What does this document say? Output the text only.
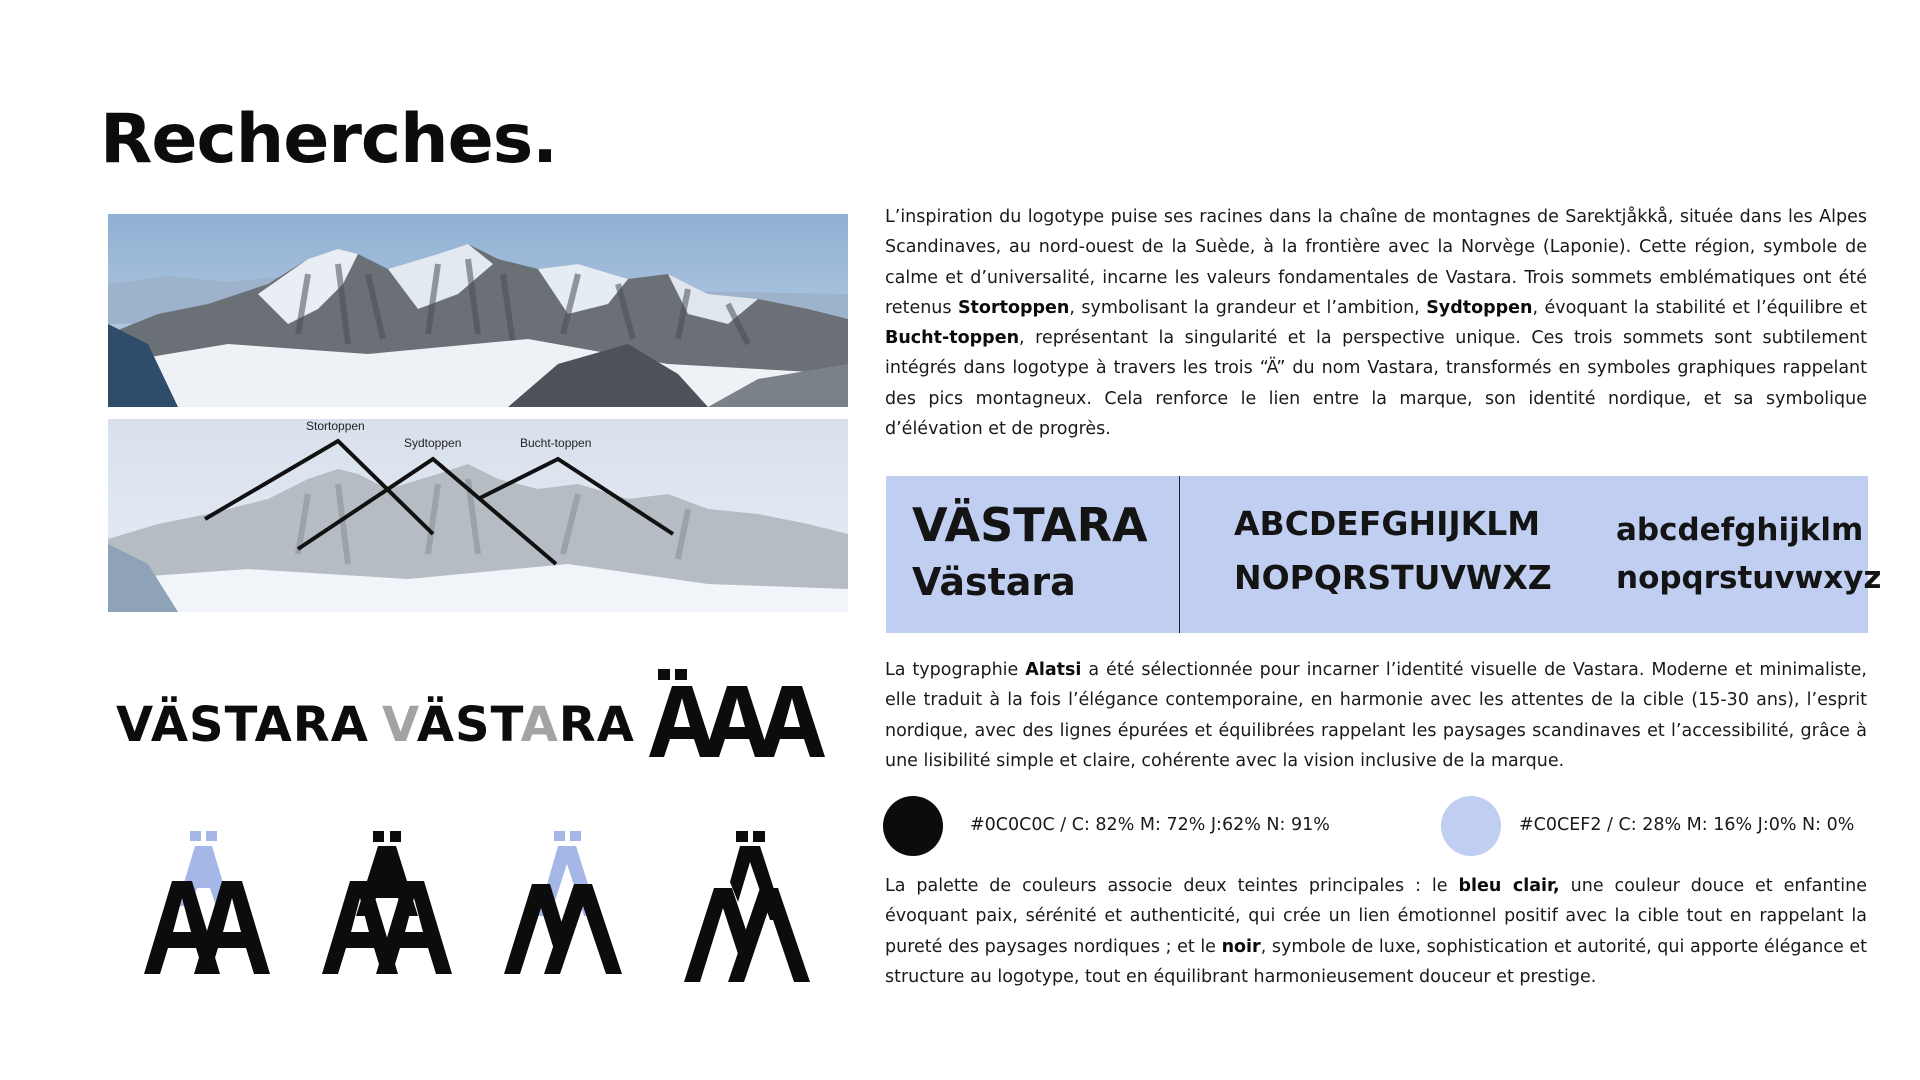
Recherches.
Stortoppen
Sydtoppen	Bucht-toppen
VÄSTARA VÄSTARA

L’inspiration du logotype puise ses racines dans la chaîne de montagnes de Sarektjåkkå, située dans les Alpes Scandinaves, au nord-ouest de la Suède, à la frontière avec la Norvège (Laponie). Cette région, symbole de calme et d’universalité, incarne les valeurs fondamentales de Vastara. Trois sommets emblématiques ont été retenus Stortoppen, symbolisant la grandeur et l’ambition, Sydtoppen, évoquant la stabilité et l’équilibre et Bucht-toppen, représentant la singularité et la perspective unique. Ces trois sommets sont subtilement intégrés dans logotype à travers les trois “Ä” du nom Vastara, transformés en symboles graphiques rappelant des pics montagneux. Cela renforce le lien entre la marque, son identité nordique, et sa symbolique d’élévation et de progrès.

VÄSTARA
Västara
ABCDEFGHIJKLM
NOPQRSTUVWXZ
abcdefghijklm
nopqrstuvwxyz

La typographie Alatsi a été sélectionnée pour incarner l’identité visuelle de Vastara. Moderne et minimaliste, elle traduit à la fois l’élégance contemporaine, en harmonie avec les attentes de la cible (15-30 ans), l’esprit nordique, avec des lignes épurées et équilibrées rappelant les paysages scandinaves et l’accessibilité, grâce à une lisibilité simple et claire, cohérente avec la vision inclusive de la marque.

#0C0C0C / C: 82% M: 72% J:62% N: 91%	#C0CEF2 / C: 28% M: 16% J:0% N: 0%

La palette de couleurs associe deux teintes principales : le bleu clair, une couleur douce et enfantine évoquant paix, sérénité et authenticité, qui crée un lien émotionnel positif avec la cible tout en rappelant la pureté des paysages nordiques ; et le noir, symbole de luxe, sophistication et autorité, qui apporte élégance et structure au logotype, tout en équilibrant harmonieusement douceur et prestige.
